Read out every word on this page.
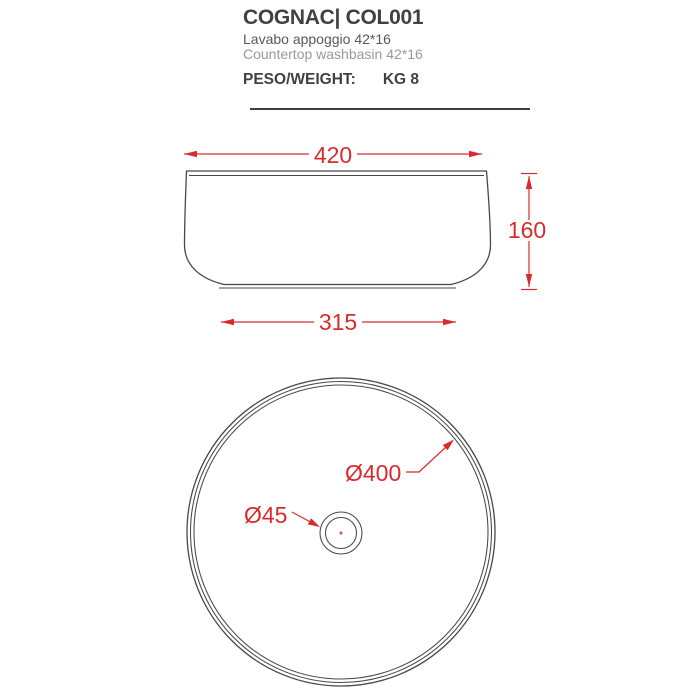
COGNAC| COL001
Lavabo appoggio 42*16
Countertop washbasin 42*16
PESO/WEIGHT: KG 8
420
160
315
Ø400
Ø45
